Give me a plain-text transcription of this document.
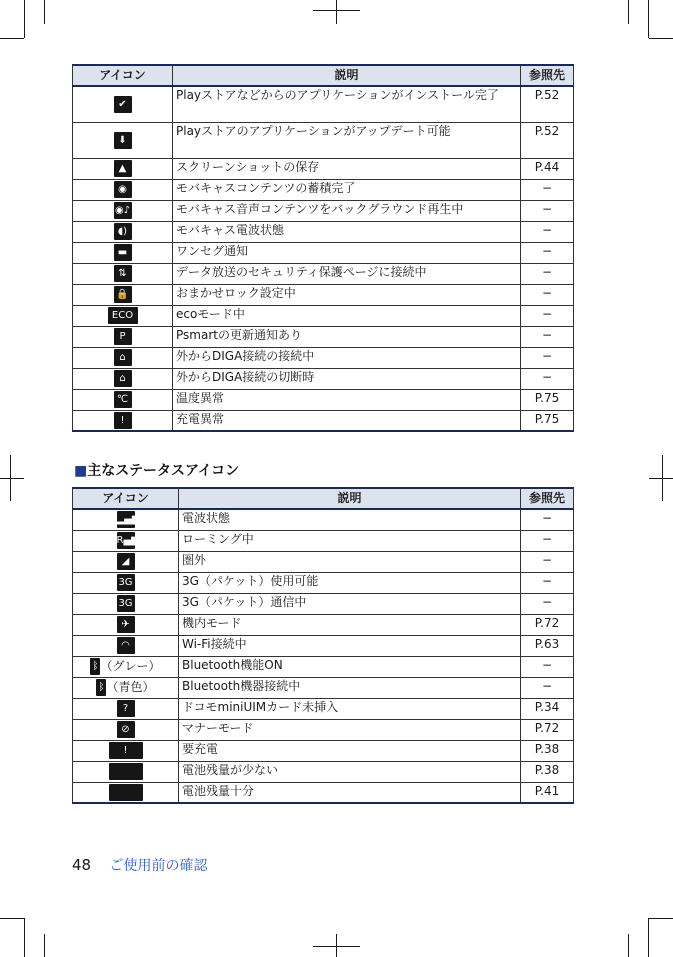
アイコン	説明	参照先
✔	Playストアなどからのアプリケーションがインストール完了	P.52
⬇	Playストアのアプリケーションがアップデート可能	P.52
▲	スクリーンショットの保存	P.44
◉	モバキャスコンテンツの蓄積完了	−
◉♪	モバキャス音声コンテンツをバックグラウンド再生中	−
◖)	モバキャス電波状態	−
▬	ワンセグ通知	−
⇅	データ放送のセキュリティ保護ページに接続中	−
🔒	おまかせロック設定中	−
ECO	ecoモード中	−
P	Psmartの更新通知あり	−
⌂	外からDIGA接続の接続中	−
⌂	外からDIGA接続の切断時	−
℃	温度異常	P.75
!	充電異常	P.75
■主なステータスアイコン
アイコン	説明	参照先
▂▄▆	電波状態	−
R▄▆	ローミング中	−
◢	圏外	−
3G	3G（パケット）使用可能	−
3G	3G（パケット）通信中	−
✈	機内モード	P.72
◠	Wi-Fi接続中	P.63
ᛒ （グレー）	Bluetooth機能ON	−
ᛒ （青色）	Bluetooth機器接続中	−
?	ドコモminiUIMカード未挿入	P.34
⊘	マナーモード	P.72
!	要充電	P.38
	電池残量が少ない	P.38
	電池残量十分	P.41
48 ご使用前の確認
